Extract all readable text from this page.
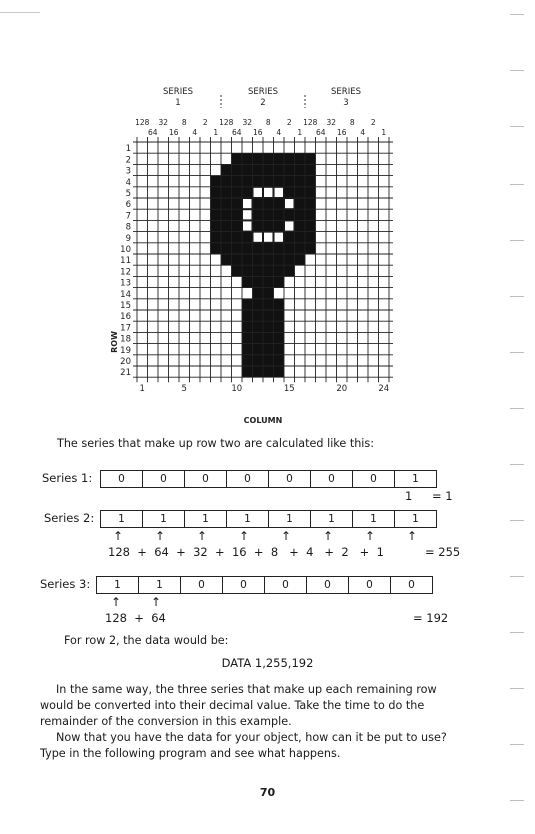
SERIES
1
SERIES
2
SERIES
3
128 32 8 2 128 32 8 2 128 32 8 2
64 16 4 1 64 16 4 1 64 16 4 1
1
2
3
4
5
6
7
8
9
10
11
12
13
14
15
16
17
18
19
20
21
ROW
1	5	10	15	20	24
COLUMN
The series that make up row two are calculated like this:
Series 1:	0	0	0	0	0	0	0	1
1 = 1
Series 2:	1	1	1	1	1	1	1	1
↑	↑	↑	↑	↑	↑	↑	↑
128  +  64  +  32  +  16  +  8   +  4   +  2   +  1	= 255
Series 3:	1	1	0	0	0	0	0	0
↑ ↑
128  +  64	= 192
For row 2, the data would be:
DATA 1,255,192
In the same way, the three series that make up each remaining row
would be converted into their decimal value. Take the time to do the
remainder of the conversion in this example.
Now that you have the data for your object, how can it be put to use?
Type in the following program and see what happens.
70
